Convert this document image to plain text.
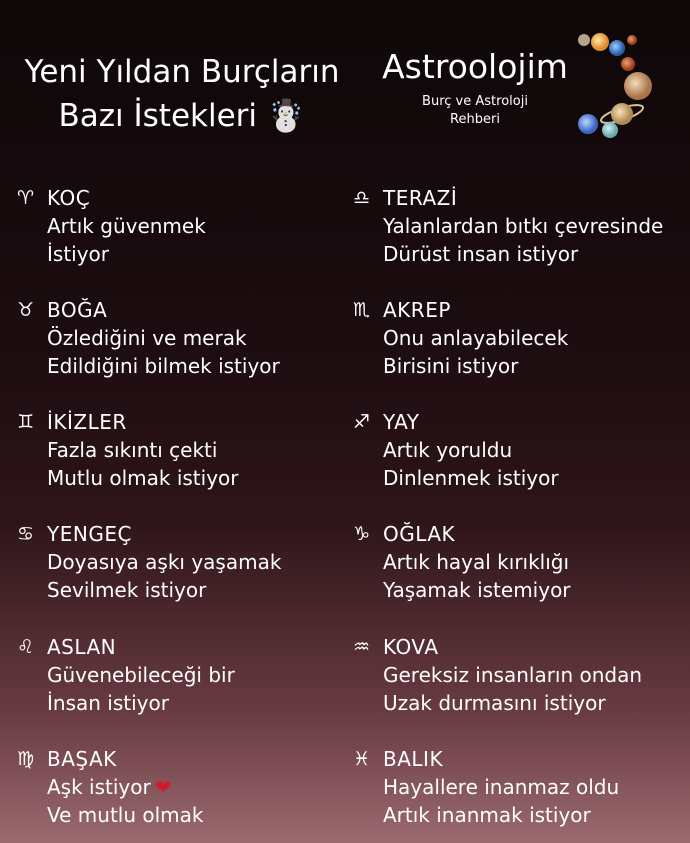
Yeni Yıldan Burçların
Bazı İstekleri ☃️
Astroolojim
Burç ve Astroloji
Rehberi
♈︎ KOÇ
Artık güvenmek
İstiyor
♉︎ BOĞA
Özlediğini ve merak
Edildiğini bilmek istiyor
♊︎ İKİZLER
Fazla sıkıntı çekti
Mutlu olmak istiyor
♋︎ YENGEÇ
Doyasıya aşkı yaşamak
Sevilmek istiyor
♌︎ ASLAN
Güvenebileceği bir
İnsan istiyor
♍︎ BAŞAK
Aşk istiyor ❤
Ve mutlu olmak
♎︎ TERAZİ
Yalanlardan bıtkı çevresinde
Dürüst insan istiyor
♏︎ AKREP
Onu anlayabilecek
Birisini istiyor
♐︎ YAY
Artık yoruldu
Dinlenmek istiyor
♑︎ OĞLAK
Artık hayal kırıklığı
Yaşamak istemiyor
♒︎ KOVA
Gereksiz insanların ondan
Uzak durmasını istiyor
♓︎ BALIK
Hayallere inanmaz oldu
Artık inanmak istiyor
